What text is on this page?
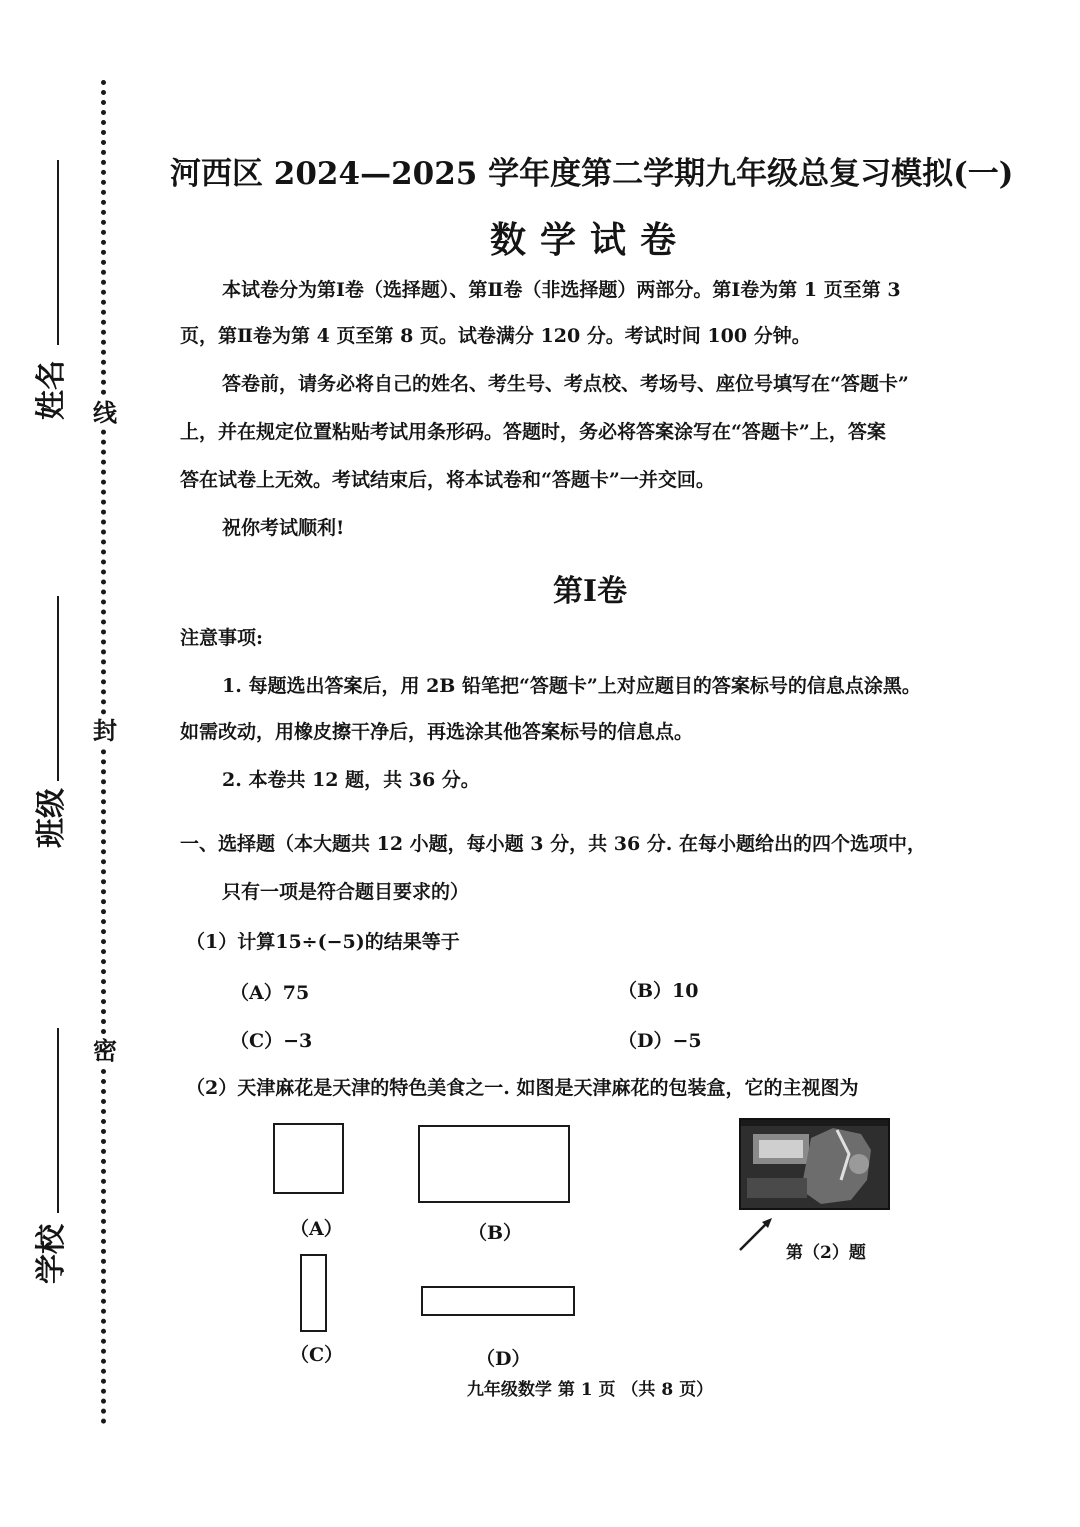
线
封
密
姓名
班级
学校
河西区 2024—2025 学年度第二学期九年级总复习模拟(一)
数学试卷
本试卷分为第Ⅰ卷（选择题）、第Ⅱ卷（非选择题）两部分。第Ⅰ卷为第 1 页至第 3
页，第Ⅱ卷为第 4 页至第 8 页。试卷满分 120 分。考试时间 100 分钟。
答卷前，请务必将自己的姓名、考生号、考点校、考场号、座位号填写在“答题卡”
上，并在规定位置粘贴考试用条形码。答题时，务必将答案涂写在“答题卡”上，答案
答在试卷上无效。考试结束后，将本试卷和“答题卡”一并交回。
祝你考试顺利!
第Ⅰ卷
注意事项:
1. 每题选出答案后，用 2B 铅笔把“答题卡”上对应题目的答案标号的信息点涂黑。
如需改动，用橡皮擦干净后，再选涂其他答案标号的信息点。
2. 本卷共 12 题，共 36 分。
一、选择题（本大题共 12 小题，每小题 3 分，共 36 分. 在每小题给出的四个选项中，
只有一项是符合题目要求的）
（1）计算15÷(−5)的结果等于
（A）75	（B）10
（C）−3	（D）−5
（2）天津麻花是天津的特色美食之一. 如图是天津麻花的包装盒，它的主视图为
（A）	（B）
（C）	（D）
第（2）题
九年级数学 第 1 页 （共 8 页）
